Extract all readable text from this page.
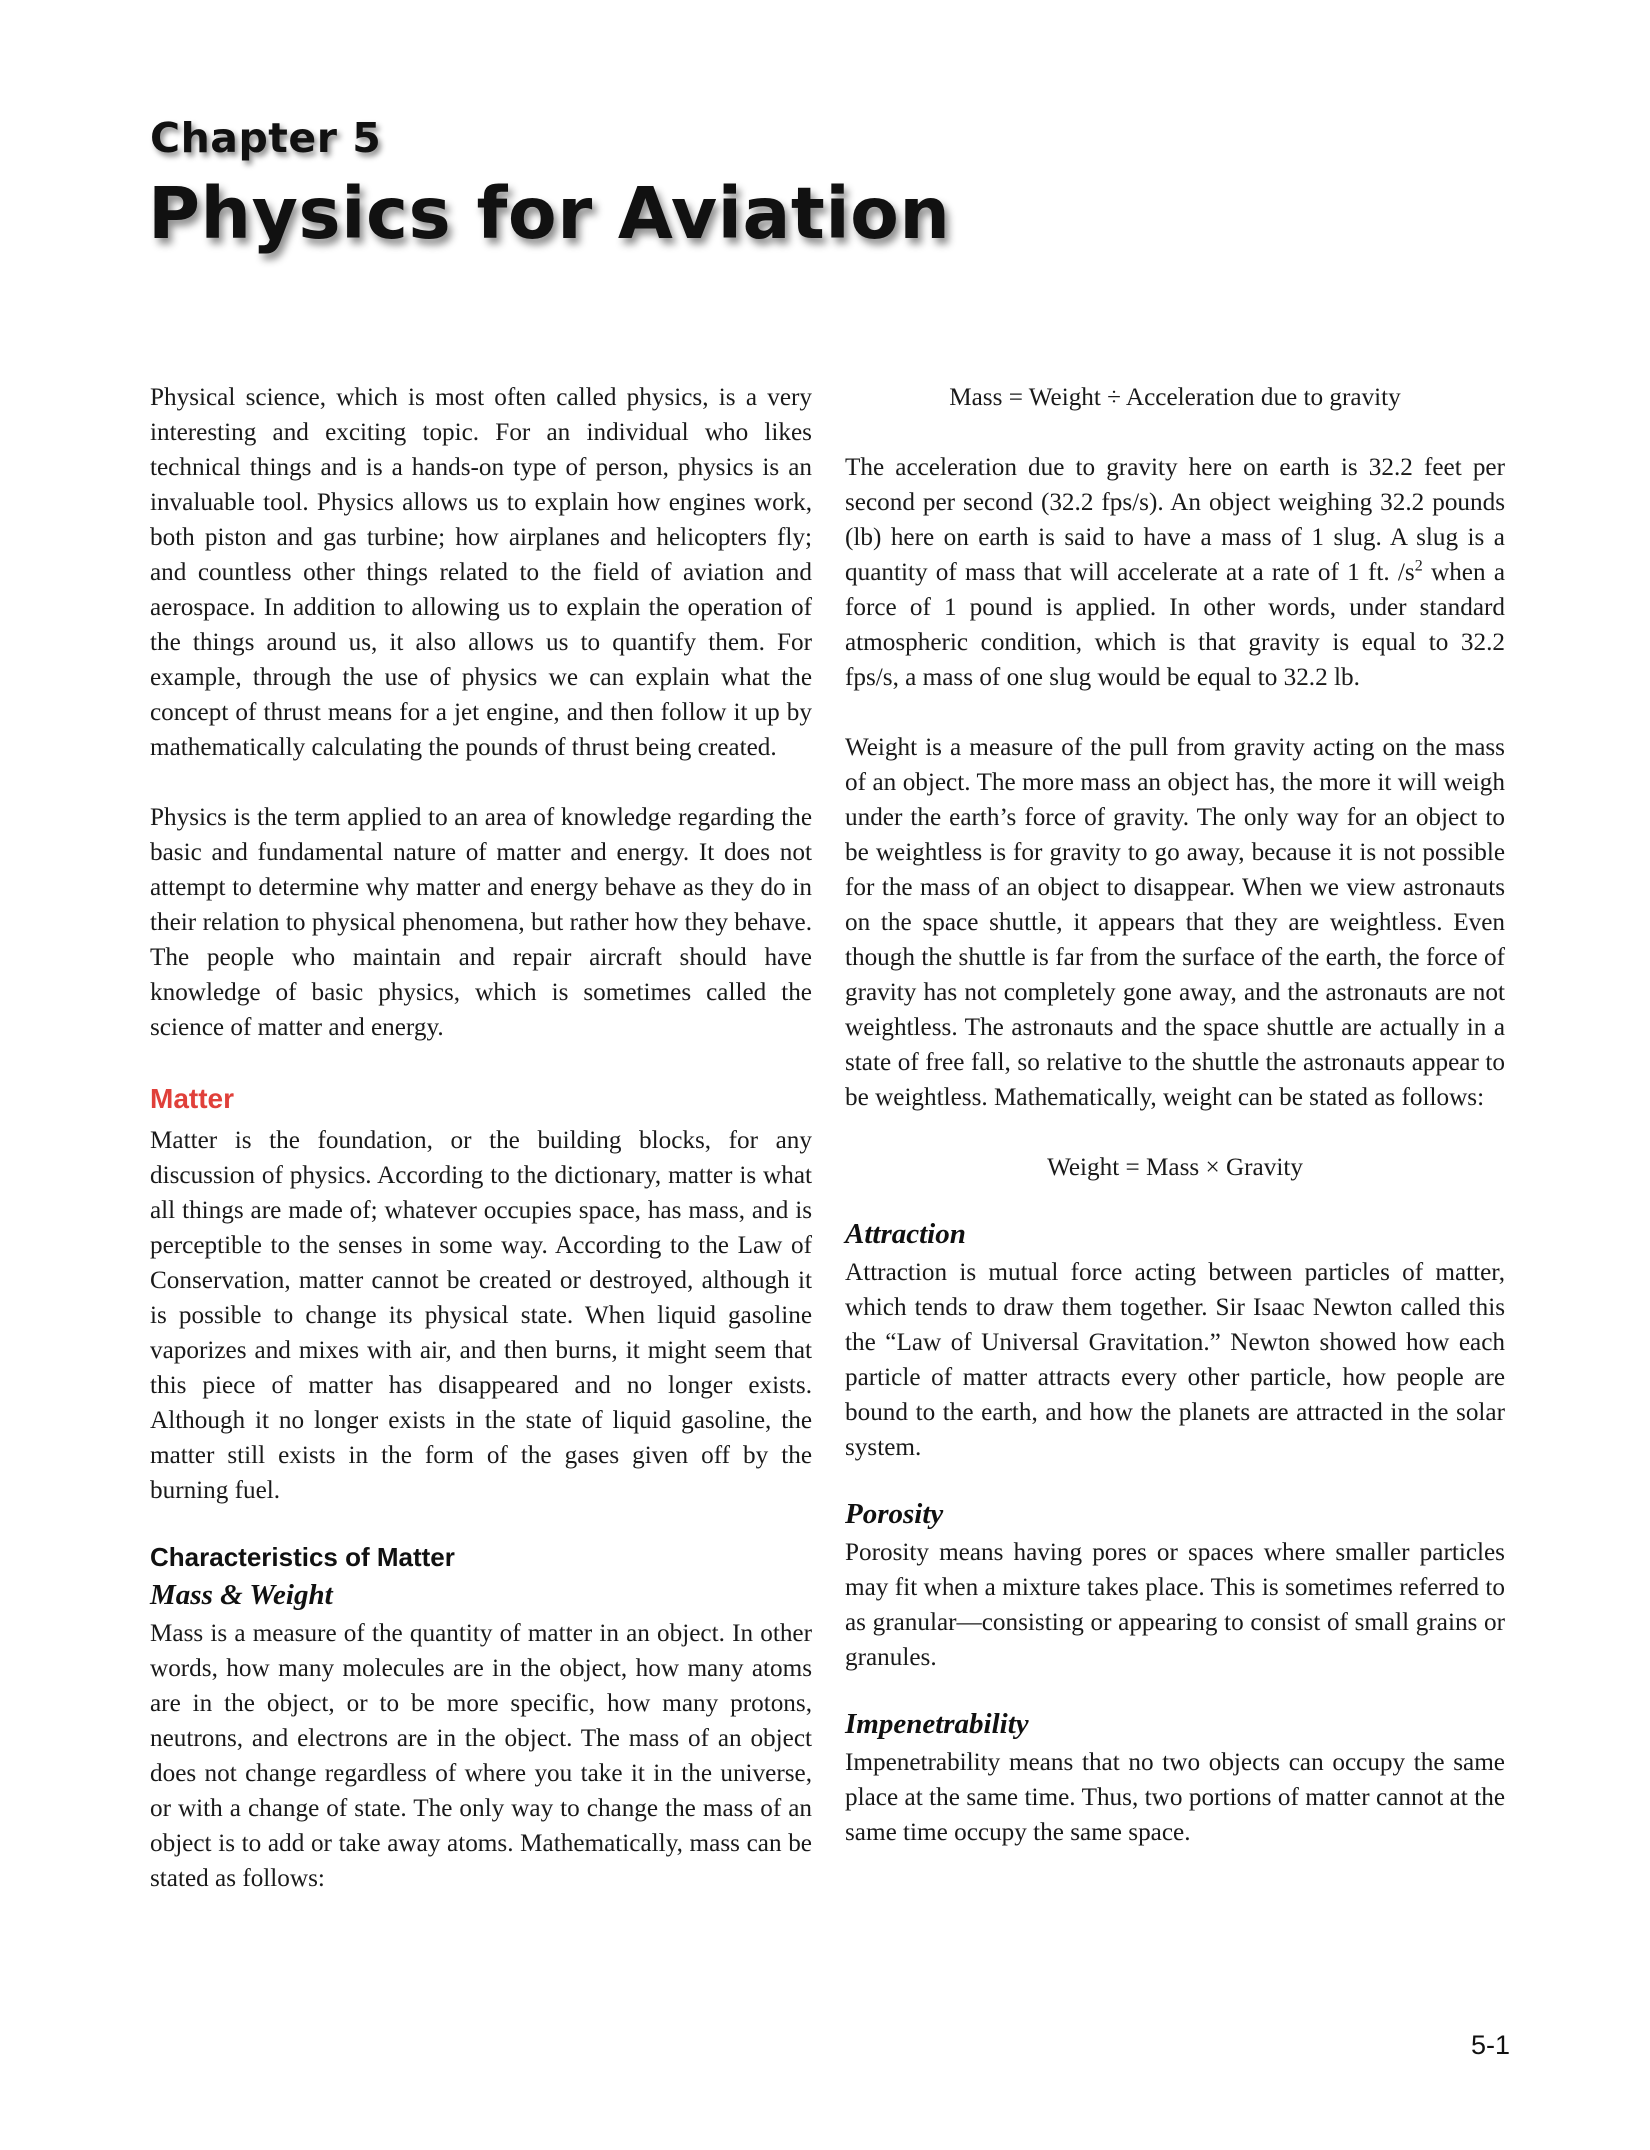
Chapter 5
Physics for Aviation

Physical science, which is most often called physics, is a very interesting and exciting topic. For an individual who likes technical things and is a hands-on type of person, physics is an invaluable tool. Physics allows us to explain how engines work, both piston and gas turbine; how airplanes and helicopters fly; and countless other things related to the field of aviation and aerospace. In addition to allowing us to explain the operation of the things around us, it also allows us to quantify them. For example, through the use of physics we can explain what the concept of thrust means for a jet engine, and then follow it up by mathematically calculating the pounds of thrust being created.

Physics is the term applied to an area of knowledge regarding the basic and fundamental nature of matter and energy. It does not attempt to determine why matter and energy behave as they do in their relation to physical phenomena, but rather how they behave. The people who maintain and repair aircraft should have knowledge of basic physics, which is sometimes called the science of matter and energy.

Matter

Matter is the foundation, or the building blocks, for any discussion of physics. According to the dictionary, matter is what all things are made of; whatever occupies space, has mass, and is perceptible to the senses in some way. According to the Law of Conservation, matter cannot be created or destroyed, although it is possible to change its physical state. When liquid gasoline vaporizes and mixes with air, and then burns, it might seem that this piece of matter has disappeared and no longer exists. Although it no longer exists in the state of liquid gasoline, the matter still exists in the form of the gases given off by the burning fuel.

Characteristics of Matter
Mass & Weight

Mass is a measure of the quantity of matter in an object. In other words, how many molecules are in the object, how many atoms are in the object, or to be more specific, how many protons, neutrons, and electrons are in the object. The mass of an object does not change regardless of where you take it in the universe, or with a change of state. The only way to change the mass of an object is to add or take away atoms. Mathematically, mass can be stated as follows:

Mass = Weight ÷ Acceleration due to gravity

The acceleration due to gravity here on earth is 32.2 feet per second per second (32.2 fps/s). An object weighing 32.2 pounds (lb) here on earth is said to have a mass of 1 slug. A slug is a quantity of mass that will accelerate at a rate of 1 ft. $/s^2$ when a force of 1 pound is applied. In other words, under standard atmospheric condition, which is that gravity is equal to 32.2 fps/s, a mass of one slug would be equal to 32.2 lb.

Weight is a measure of the pull from gravity acting on the mass of an object. The more mass an object has, the more it will weigh under the earth’s force of gravity. The only way for an object to be weightless is for gravity to go away, because it is not possible for the mass of an object to disappear. When we view astronauts on the space shuttle, it appears that they are weightless. Even though the shuttle is far from the surface of the earth, the force of gravity has not completely gone away, and the astronauts are not weightless. The astronauts and the space shuttle are actually in a state of free fall, so relative to the shuttle the astronauts appear to be weightless. Mathematically, weight can be stated as follows:

Weight = Mass × Gravity
Attraction

Attraction is mutual force acting between particles of matter, which tends to draw them together. Sir Isaac Newton called this the “Law of Universal Gravitation.” Newton showed how each particle of matter attracts every other particle, how people are bound to the earth, and how the planets are attracted in the solar system.

Porosity

Porosity means having pores or spaces where smaller particles may fit when a mixture takes place. This is sometimes referred to as granular—consisting or appearing to consist of small grains or granules.

Impenetrability

Impenetrability means that no two objects can occupy the same place at the same time. Thus, two portions of matter cannot at the same time occupy the same space.

5-1
